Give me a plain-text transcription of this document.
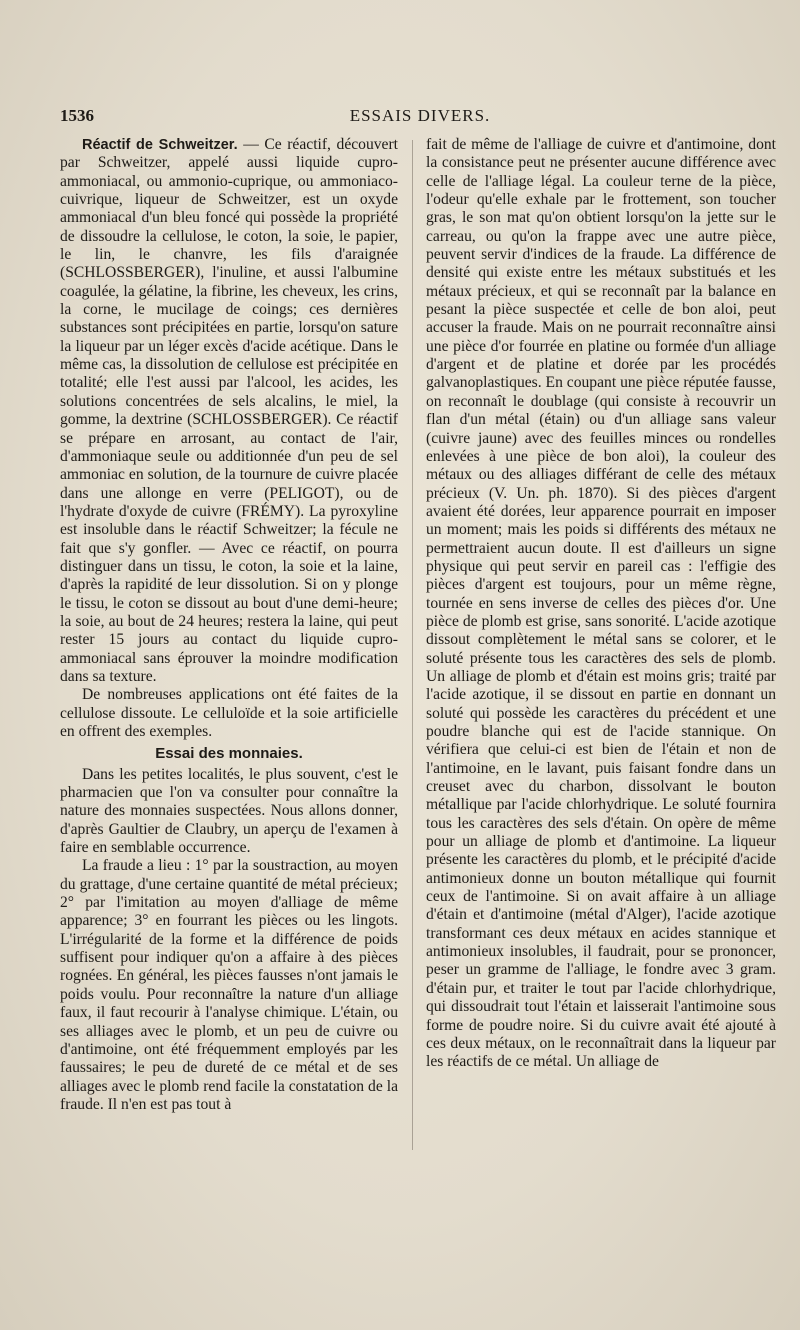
1536	ESSAIS DIVERS.

Réactif de Schweitzer. — Ce réactif, découvert par Schweitzer, appelé aussi liquide cupro-ammoniacal, ou ammonio-cuprique, ou ammoniaco-cuivrique, liqueur de Schweitzer, est un oxyde ammoniacal d'un bleu foncé qui possède la propriété de dissoudre la cellulose, le coton, la soie, le papier, le lin, le chanvre, les fils d'araignée (SCHLOSSBERGER), l'inuline, et aussi l'albumine coagulée, la gélatine, la fibrine, les cheveux, les crins, la corne, le mucilage de coings; ces dernières substances sont précipitées en partie, lorsqu'on sature la liqueur par un léger excès d'acide acétique. Dans le même cas, la dissolution de cellulose est précipitée en totalité; elle l'est aussi par l'alcool, les acides, les solutions concentrées de sels alcalins, le miel, la gomme, la dextrine (SCHLOSSBERGER). Ce réactif se prépare en arrosant, au contact de l'air, d'ammoniaque seule ou additionnée d'un peu de sel ammoniac en solution, de la tournure de cuivre placée dans une allonge en verre (PELIGOT), ou de l'hydrate d'oxyde de cuivre (FRÉMY). La pyroxyline est insoluble dans le réactif Schweitzer; la fécule ne fait que s'y gonfler. — Avec ce réactif, on pourra distinguer dans un tissu, le coton, la soie et la laine, d'après la rapidité de leur dissolution. Si on y plonge le tissu, le coton se dissout au bout d'une demi-heure; la soie, au bout de 24 heures; restera la laine, qui peut rester 15 jours au contact du liquide cupro-ammoniacal sans éprouver la moindre modification dans sa texture.

De nombreuses applications ont été faites de la cellulose dissoute. Le celluloïde et la soie artificielle en offrent des exemples.

Essai des monnaies.

Dans les petites localités, le plus souvent, c'est le pharmacien que l'on va consulter pour connaître la nature des monnaies suspectées. Nous allons donner, d'après Gaultier de Claubry, un aperçu de l'examen à faire en semblable occurrence.

La fraude a lieu : 1° par la soustraction, au moyen du grattage, d'une certaine quantité de métal précieux; 2° par l'imitation au moyen d'alliage de même apparence; 3° en fourrant les pièces ou les lingots. L'irrégularité de la forme et la différence de poids suffisent pour indiquer qu'on a affaire à des pièces rognées. En général, les pièces fausses n'ont jamais le poids voulu. Pour reconnaître la nature d'un alliage faux, il faut recourir à l'analyse chimique. L'étain, ou ses alliages avec le plomb, et un peu de cuivre ou d'antimoine, ont été fréquemment employés par les faussaires; le peu de dureté de ce métal et de ses alliages avec le plomb rend facile la constatation de la fraude. Il n'en est pas tout à

fait de même de l'alliage de cuivre et d'antimoine, dont la consistance peut ne présenter aucune différence avec celle de l'alliage légal. La couleur terne de la pièce, l'odeur qu'elle exhale par le frottement, son toucher gras, le son mat qu'on obtient lorsqu'on la jette sur le carreau, ou qu'on la frappe avec une autre pièce, peuvent servir d'indices de la fraude. La différence de densité qui existe entre les métaux substitués et les métaux précieux, et qui se reconnaît par la balance en pesant la pièce suspectée et celle de bon aloi, peut accuser la fraude. Mais on ne pourrait reconnaître ainsi une pièce d'or fourrée en platine ou formée d'un alliage d'argent et de platine et dorée par les procédés galvanoplastiques. En coupant une pièce réputée fausse, on reconnaît le doublage (qui consiste à recouvrir un flan d'un métal (étain) ou d'un alliage sans valeur (cuivre jaune) avec des feuilles minces ou rondelles enlevées à une pièce de bon aloi), la couleur des métaux ou des alliages différant de celle des métaux précieux (V. Un. ph. 1870). Si des pièces d'argent avaient été dorées, leur apparence pourrait en imposer un moment; mais les poids si différents des métaux ne permettraient aucun doute. Il est d'ailleurs un signe physique qui peut servir en pareil cas : l'effigie des pièces d'argent est toujours, pour un même règne, tournée en sens inverse de celles des pièces d'or. Une pièce de plomb est grise, sans sonorité. L'acide azotique dissout complètement le métal sans se colorer, et le soluté présente tous les caractères des sels de plomb. Un alliage de plomb et d'étain est moins gris; traité par l'acide azotique, il se dissout en partie en donnant un soluté qui possède les caractères du précédent et une poudre blanche qui est de l'acide stannique. On vérifiera que celui-ci est bien de l'étain et non de l'antimoine, en le lavant, puis faisant fondre dans un creuset avec du charbon, dissolvant le bouton métallique par l'acide chlorhydrique. Le soluté fournira tous les caractères des sels d'étain. On opère de même pour un alliage de plomb et d'antimoine. La liqueur présente les caractères du plomb, et le précipité d'acide antimonieux donne un bouton métallique qui fournit ceux de l'antimoine. Si on avait affaire à un alliage d'étain et d'antimoine (métal d'Alger), l'acide azotique transformant ces deux métaux en acides stannique et antimonieux insolubles, il faudrait, pour se prononcer, peser un gramme de l'alliage, le fondre avec 3 gram. d'étain pur, et traiter le tout par l'acide chlorhydrique, qui dissoudrait tout l'étain et laisserait l'antimoine sous forme de poudre noire. Si du cuivre avait été ajouté à ces deux métaux, on le reconnaîtrait dans la liqueur par les réactifs de ce métal. Un alliage de
